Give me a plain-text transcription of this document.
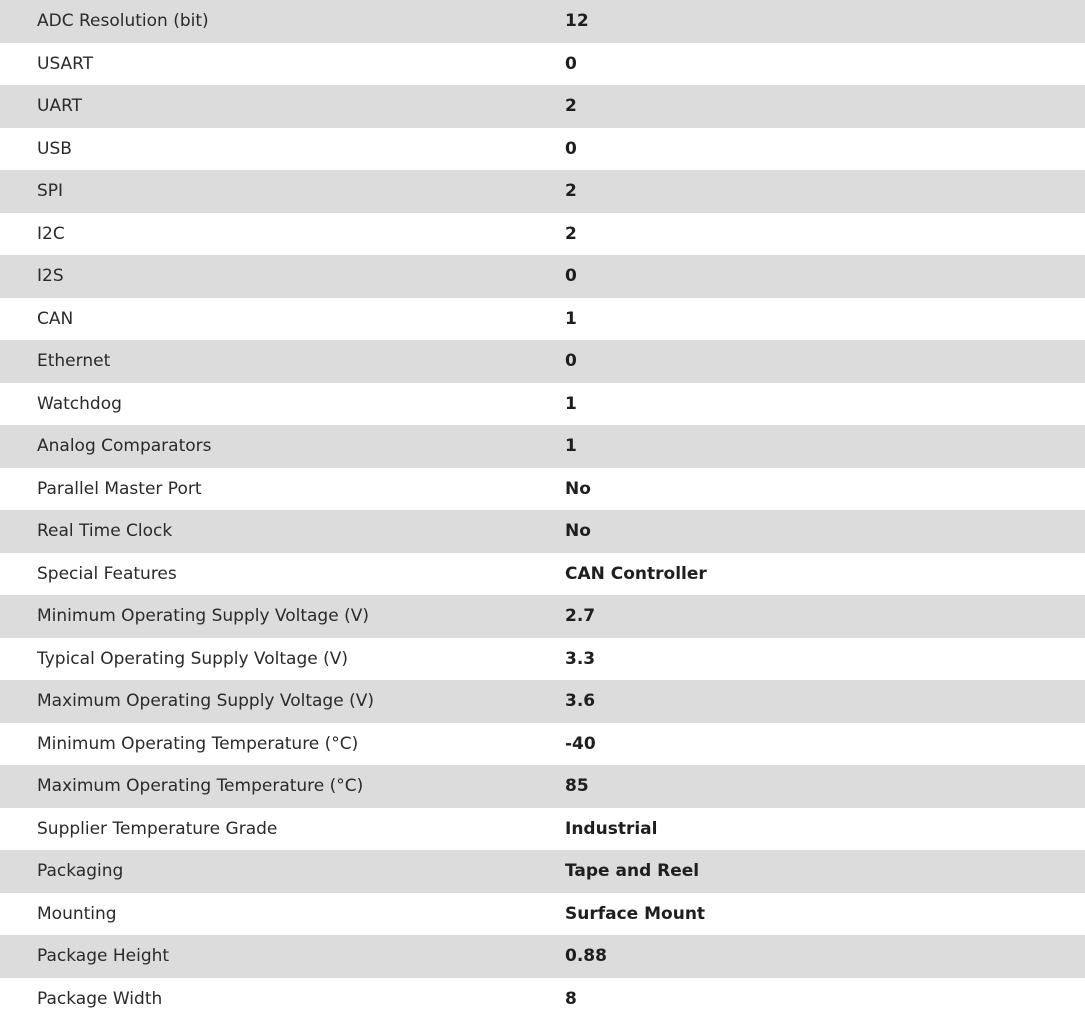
ADC Resolution (bit)	12
USART	0
UART	2
USB	0
SPI	2
I2C	2
I2S	0
CAN	1
Ethernet	0
Watchdog	1
Analog Comparators	1
Parallel Master Port	No
Real Time Clock	No
Special Features	CAN Controller
Minimum Operating Supply Voltage (V)	2.7
Typical Operating Supply Voltage (V)	3.3
Maximum Operating Supply Voltage (V)	3.6
Minimum Operating Temperature (°C)	-40
Maximum Operating Temperature (°C)	85
Supplier Temperature Grade	Industrial
Packaging	Tape and Reel
Mounting	Surface Mount
Package Height	0.88
Package Width	8
